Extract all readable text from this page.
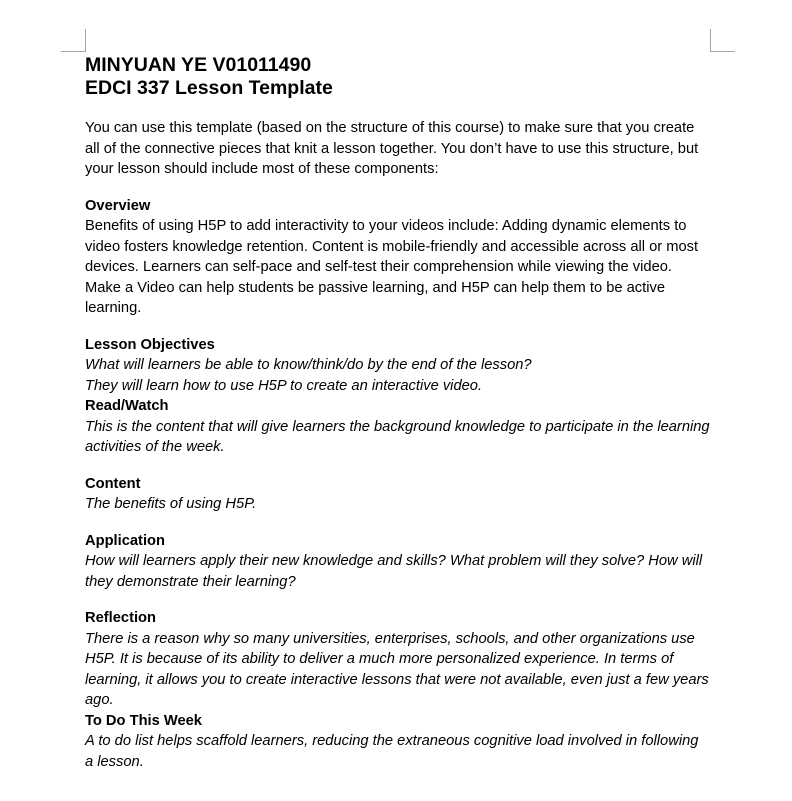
MINYUAN YE V01011490
EDCI 337 Lesson Template
You can use this template (based on the structure of this course) to make sure that you create
all of the connective pieces that knit a lesson together. You don’t have to use this structure, but
your lesson should include most of these components:
Overview
Benefits of using H5P to add interactivity to your videos include: Adding dynamic elements to
video fosters knowledge retention. Content is mobile-friendly and accessible across all or most
devices. Learners can self-pace and self-test their comprehension while viewing the video.
Make a Video can help students be passive learning, and H5P can help them to be active
learning.
Lesson Objectives
What will learners be able to know/think/do by the end of the lesson?
They will learn how to use H5P to create an interactive video.
Read/Watch
This is the content that will give learners the background knowledge to participate in the learning
activities of the week.
Content
The benefits of using H5P.
Application
How will learners apply their new knowledge and skills? What problem will they solve? How will
they demonstrate their learning?
Reflection
There is a reason why so many universities, enterprises, schools, and other organizations use
H5P. It is because of its ability to deliver a much more personalized experience. In terms of
learning, it allows you to create interactive lessons that were not available, even just a few years
ago.
To Do This Week
A to do list helps scaffold learners, reducing the extraneous cognitive load involved in following
a lesson.
